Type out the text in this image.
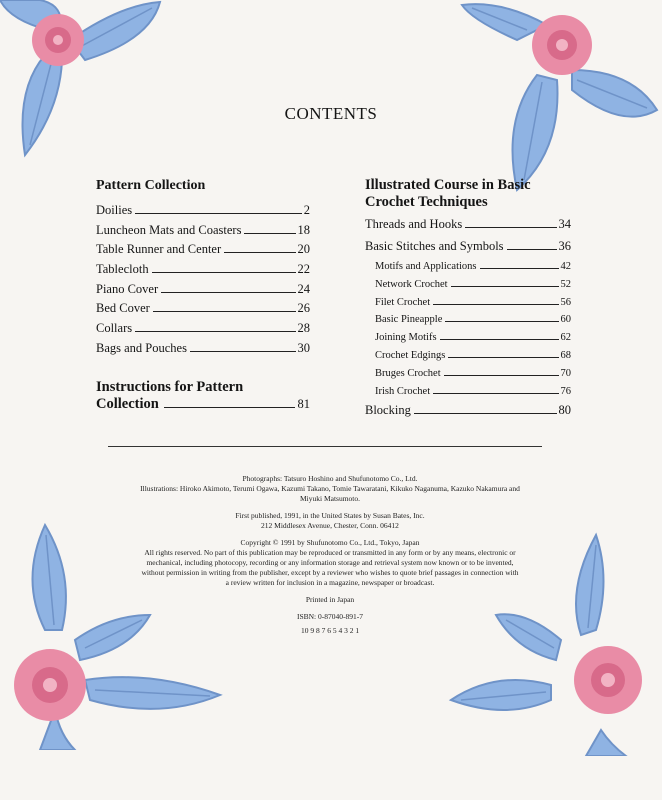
CONTENTS
Pattern Collection
Doilies	2
Luncheon Mats and Coasters	18
Table Runner and Center	20
Tablecloth	22
Piano Cover	24
Bed Cover	26
Collars	28
Bags and Pouches	30
Instructions for Pattern
Collection	81
Illustrated Course in Basic
Crochet Techniques
Threads and Hooks	34
Basic Stitches and Symbols	36
Motifs and Applications	42
Network Crochet	52
Filet Crochet	56
Basic Pineapple	60
Joining Motifs	62
Crochet Edgings	68
Bruges Crochet	70
Irish Crochet	76
Blocking	80

Photographs: Tatsuro Hoshino and Shufunotomo Co., Ltd.
Illustrations: Hiroko Akimoto, Terumi Ogawa, Kazumi Takano, Tomie Tawaratani, Kikuko Naganuma, Kazuko Nakamura and Miyuki Matsumoto.

First published, 1991, in the United States by Susan Bates, Inc.
212 Middlesex Avenue, Chester, Conn. 06412

Copyright © 1991 by Shufunotomo Co., Ltd., Tokyo, Japan
All rights reserved. No part of this publication may be reproduced or transmitted in any form or by any means, electronic or mechanical, including photocopy, recording or any information storage and retrieval system now known or to be invented, without permission in writing from the publisher, except by a reviewer who wishes to quote brief passages in connection with a review written for inclusion in a magazine, newspaper or broadcast.

Printed in Japan

ISBN: 0-87040-891-7

10 9 8 7 6 5 4 3 2 1
